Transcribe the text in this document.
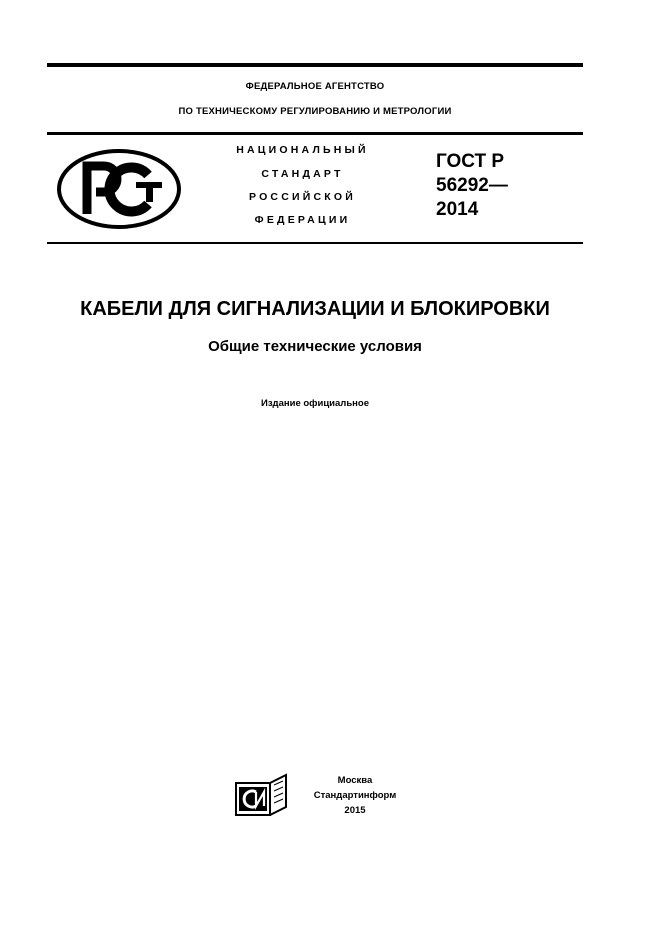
ФЕДЕРАЛЬНОЕ АГЕНТСТВО
ПО ТЕХНИЧЕСКОМУ РЕГУЛИРОВАНИЮ И МЕТРОЛОГИИ
НАЦИОНАЛЬНЫЙ
СТАНДАРТ
РОССИЙСКОЙ
ФЕДЕРАЦИИ
ГОСТ Р
56292—
2014
КАБЕЛИ ДЛЯ СИГНАЛИЗАЦИИ И БЛОКИРОВКИ
Общие технические условия
Издание официальное
Москва
Стандартинформ
2015
